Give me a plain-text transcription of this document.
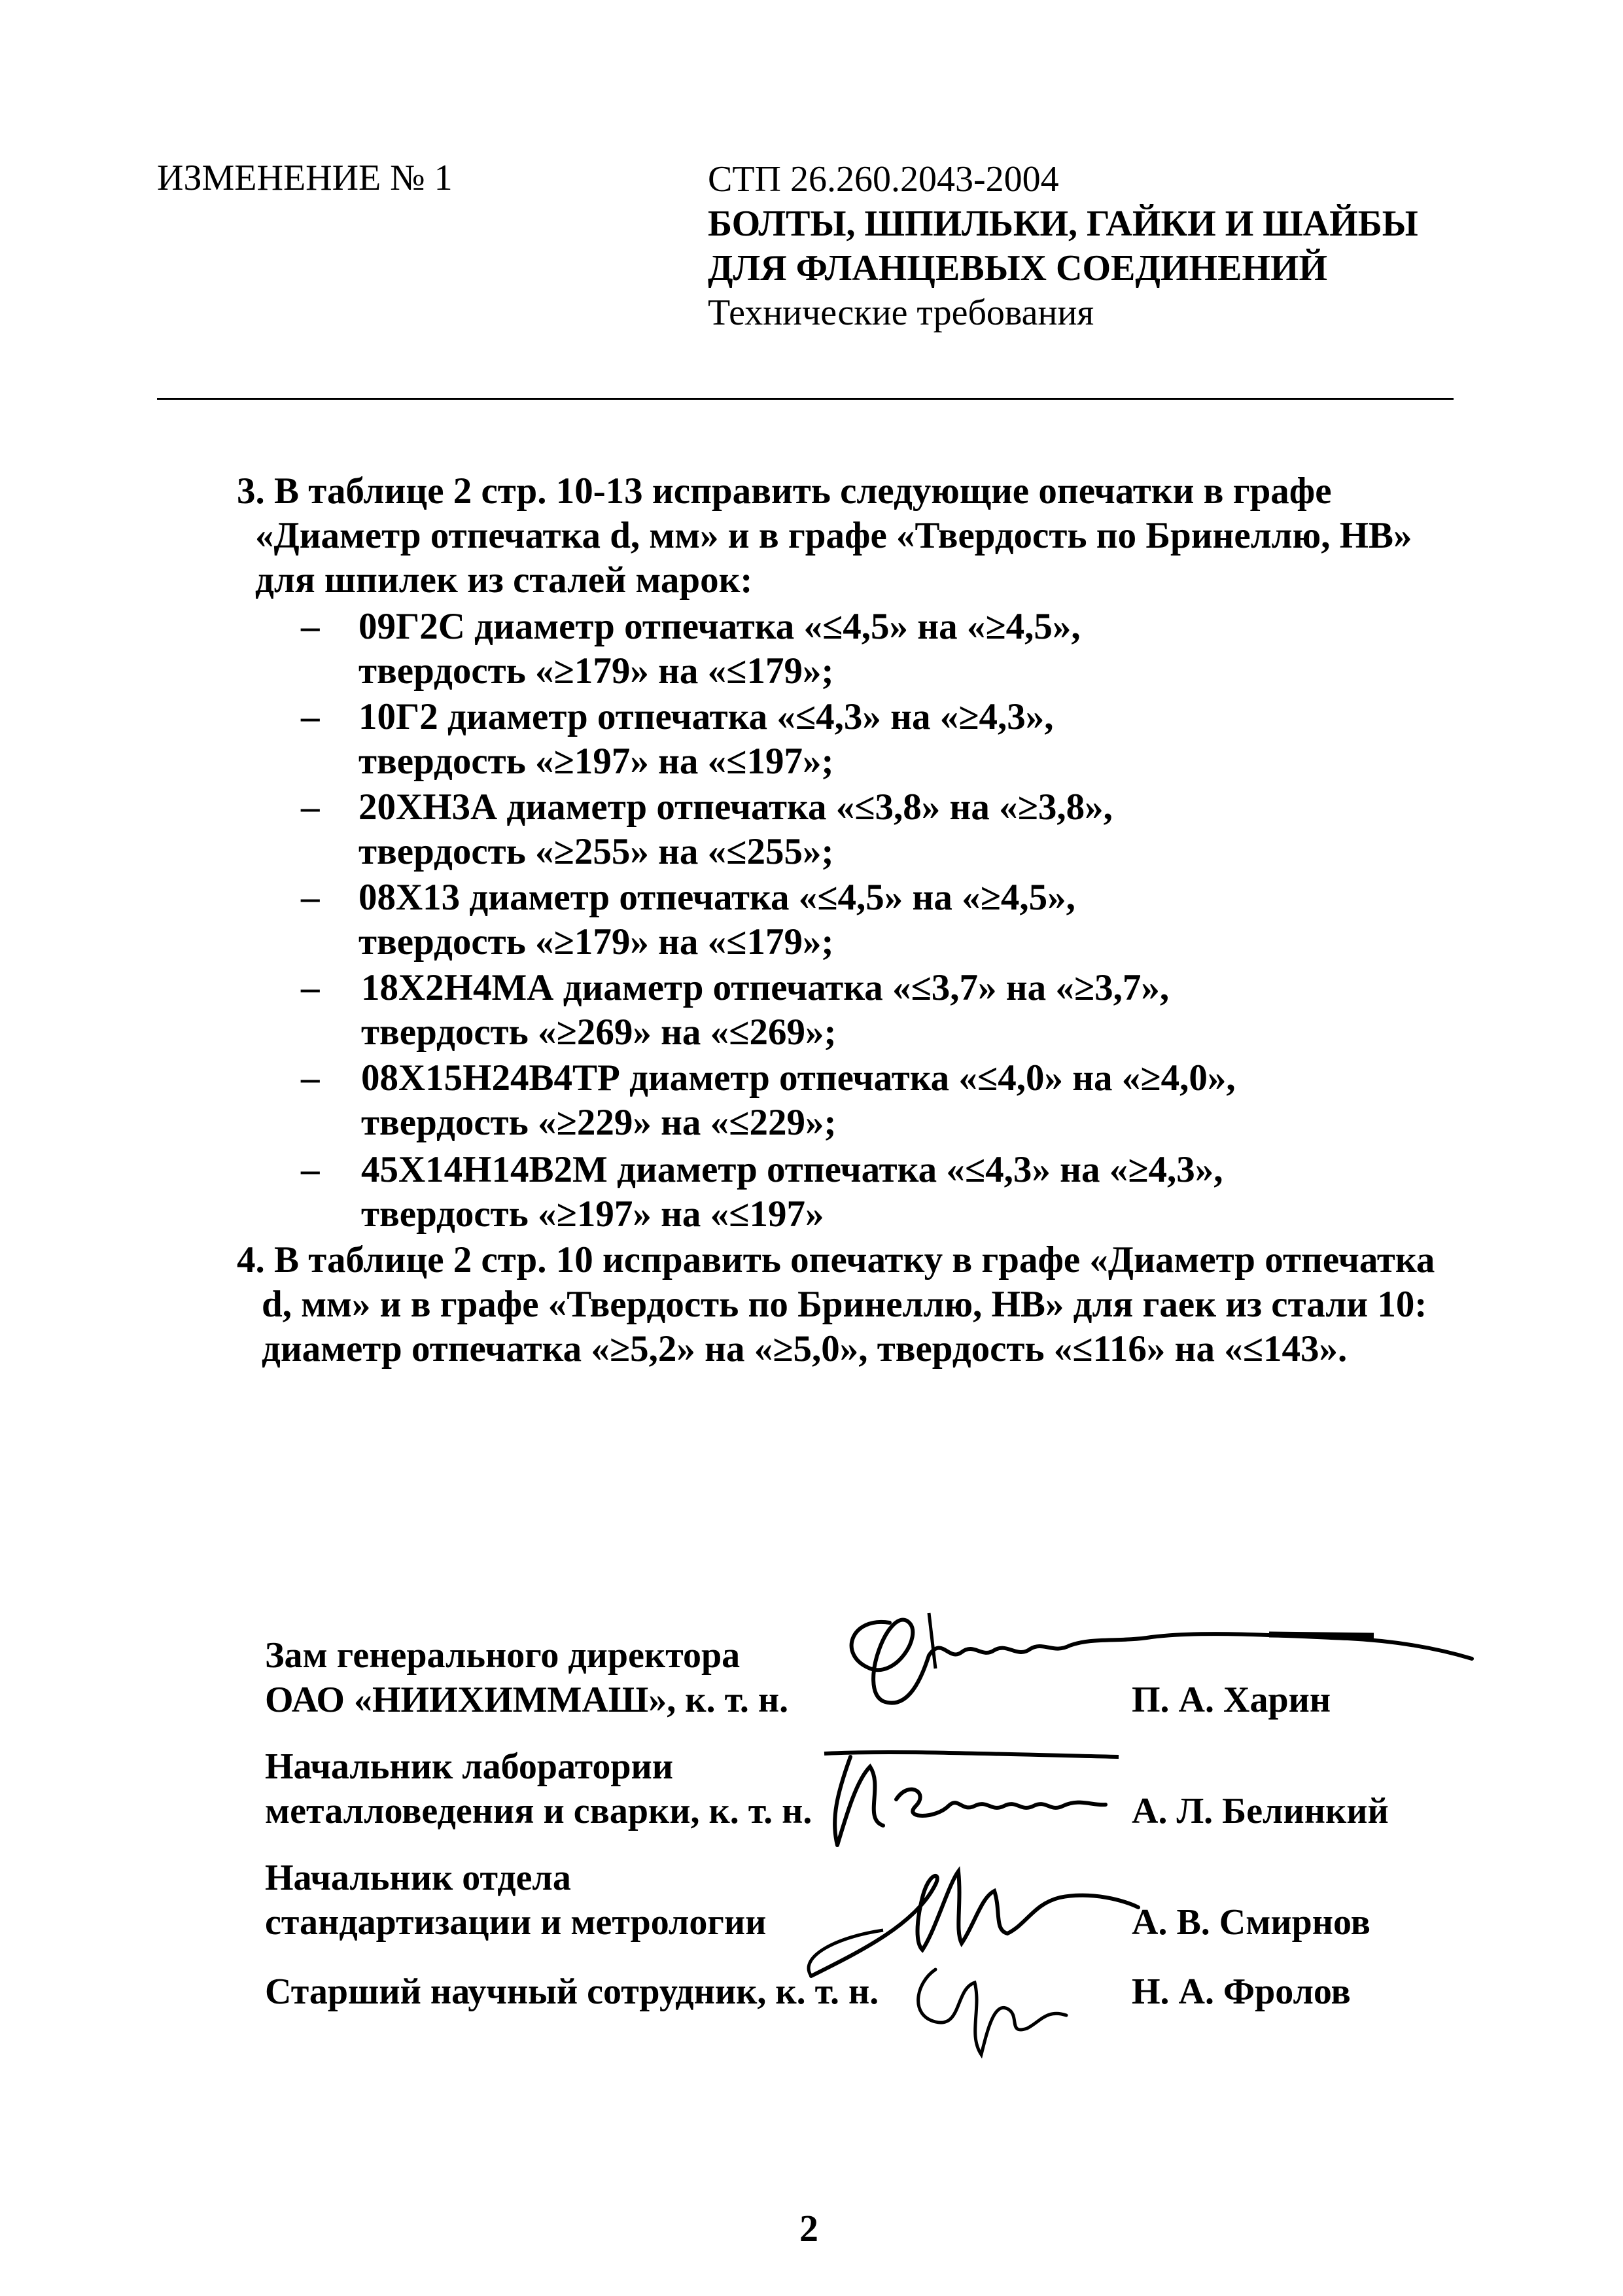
ИЗМЕНЕНИЕ № 1	СТП 26.260.2043-2004
БОЛТЫ, ШПИЛЬКИ, ГАЙКИ И ШАЙБЫ
ДЛЯ ФЛАНЦЕВЫХ СОЕДИНЕНИЙ
Технические требования
3. В таблице 2 стр. 10-13 исправить следующие опечатки в графе
«Диаметр отпечатка d, мм» и в графе «Твердость по Бринеллю, НВ»
для шпилек из сталей марок:
– 09Г2С диаметр отпечатка «≤4,5» на «≥4,5»,
твердость «≥179» на «≤179»;
– 10Г2 диаметр отпечатка «≤4,3» на «≥4,3»,
твердость «≥197» на «≤197»;
– 20ХН3А диаметр отпечатка «≤3,8» на «≥3,8»,
твердость «≥255» на «≤255»;
– 08Х13 диаметр отпечатка «≤4,5» на «≥4,5»,
твердость «≥179» на «≤179»;
– 18Х2Н4МА диаметр отпечатка «≤3,7» на «≥3,7»,
твердость «≥269» на «≤269»;
– 08Х15Н24В4ТР диаметр отпечатка «≤4,0» на «≥4,0»,
твердость «≥229» на «≤229»;
– 45Х14Н14В2М диаметр отпечатка «≤4,3» на «≥4,3»,
твердость «≥197» на «≤197»
4. В таблице 2 стр. 10 исправить опечатку в графе «Диаметр отпечатка
d, мм» и в графе «Твердость по Бринеллю, НВ» для гаек из стали 10:
диаметр отпечатка «≥5,2» на «≥5,0», твердость «≤116» на «≤143».
Зам генерального директора
ОАО «НИИХИММАШ», к. т. н.	П. А. Харин
Начальник лаборатории
металловедения и сварки, к. т. н.	А. Л. Белинкий
Начальник отдела
стандартизации и метрологии	А. В. Смирнов
Старший научный сотрудник, к. т. н.	Н. А. Фролов
2
